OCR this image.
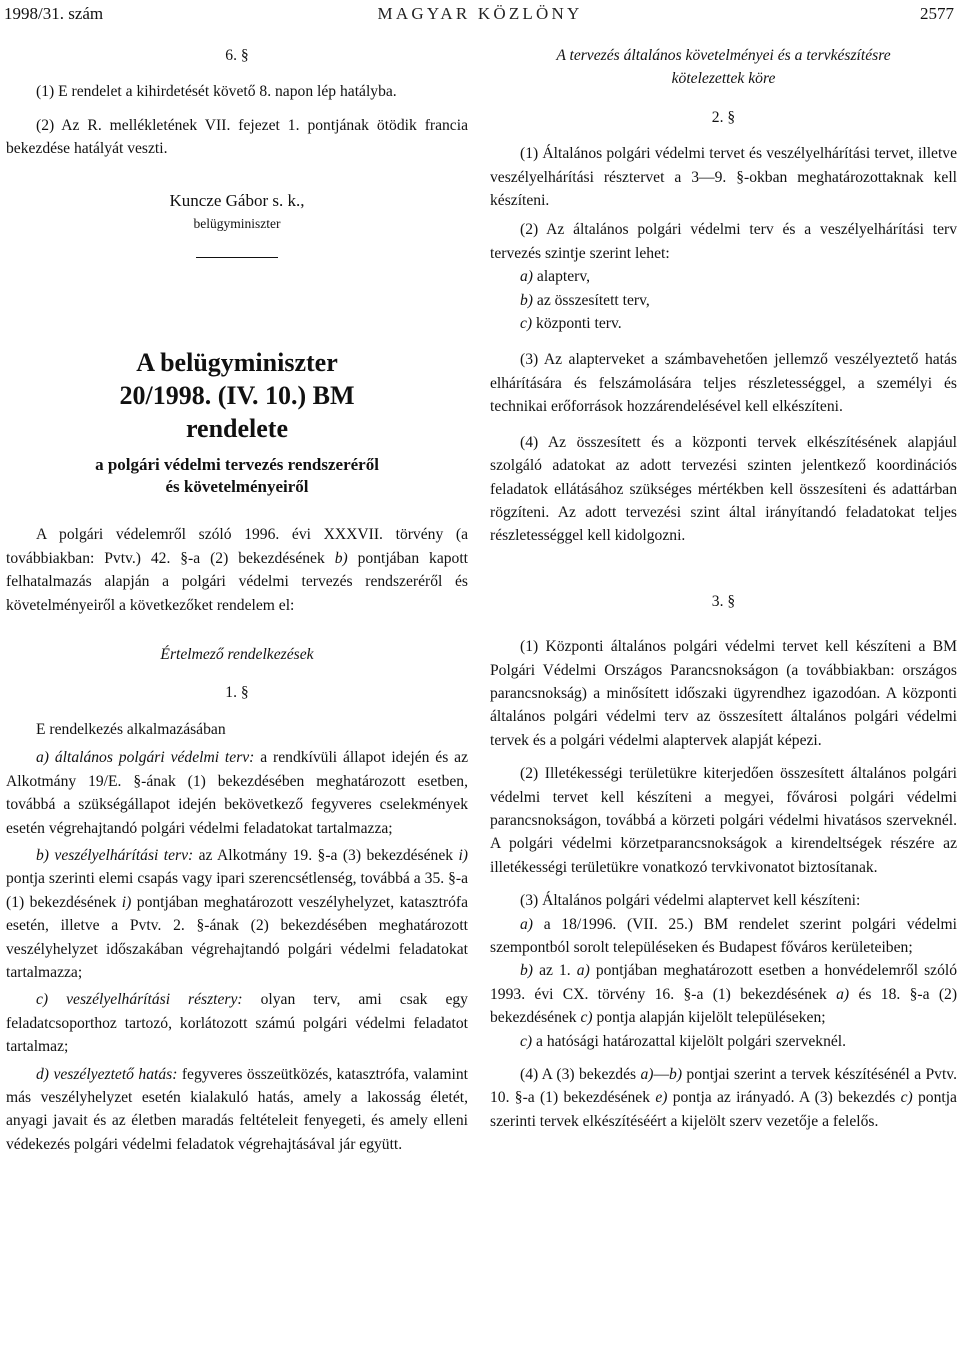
1998/31. szám	MAGYAR KÖZLÖNY	2577

6. §

(1) E rendelet a kihirdetését követő 8. napon lép hatályba.

(2) Az R. mellékletének VII. fejezet 1. pontjának ötödik francia bekezdése hatályát veszti.

Kuncze Gábor s. k.,

belügyminiszter

A belügyminiszter

20/1998. (IV. 10.) BM

rendelete

a polgári védelmi tervezés rendszeréről

és követelményeiről

A polgári védelemről szóló 1996. évi XXXVII. törvény (a továbbiakban: Pvtv.) 42. §-a (2) bekezdésének b) pontjában kapott felhatalmazás alapján a polgári védelmi tervezés rendszeréről és követelményeiről a következőket rendelem el:

Értelmező rendelkezések

1. §

E rendelkezés alkalmazásában

a) általános polgári védelmi terv: a rendkívüli állapot idején és az Alkotmány 19/E. §-ának (1) bekezdésében meghatározott esetben, továbbá a szükségállapot idején bekövetkező fegyveres cselekmények esetén végrehajtandó polgári védelmi feladatokat tartalmazza;

b) veszélyelhárítási terv: az Alkotmány 19. §-a (3) bekezdésének i) pontja szerinti elemi csapás vagy ipari szerencsétlenség, továbbá a 35. §-a (1) bekezdésének i) pontjában meghatározott veszélyhelyzet, katasztrófa esetén, illetve a Pvtv. 2. §-ának (2) bekezdésében meghatározott veszélyhelyzet időszakában végrehajtandó polgári védelmi feladatokat tartalmazza;

c) veszélyelhárítási résztery: olyan terv, ami csak egy feladatcsoporthoz tartozó, korlátozott számú polgári védelmi feladatot tartalmaz;

d) veszélyeztető hatás: fegyveres összeütközés, katasztrófa, valamint más veszélyhelyzet esetén kialakuló hatás, amely a lakosság életét, anyagi javait és az életben maradás feltételeit fenyegeti, és amely elleni védekezés polgári védelmi feladatok végrehajtásával jár együtt.

A tervezés általános követelményei és a tervkészítésre

kötelezettek köre

2. §

(1) Általános polgári védelmi tervet és veszélyelhárítási tervet, illetve veszélyelhárítási résztervet a 3—9. §-okban meghatározottaknak kell készíteni.

(2) Az általános polgári védelmi terv és a veszélyelhárítási terv tervezés szintje szerint lehet:

a) alapterv,

b) az összesített terv,

c) központi terv.

(3) Az alapterveket a számbavehetően jellemző veszélyeztető hatás elhárítására és felszámolására teljes részletességgel, a személyi és technikai erőforrások hozzárendelésével kell elkészíteni.

(4) Az összesített és a központi tervek elkészítésének alapjául szolgáló adatokat az adott tervezési szinten jelentkező koordinációs feladatok ellátásához szükséges mértékben kell összesíteni és adattárban rögzíteni. Az adott tervezési szint által irányítandó feladatokat teljes részletességgel kell kidolgozni.

3. §

(1) Központi általános polgári védelmi tervet kell készíteni a BM Polgári Védelmi Országos Parancsnokságon (a továbbiakban: országos parancsnokság) a minősített időszaki ügyrendhez igazodóan. A központi általános polgári védelmi terv az összesített általános polgári védelmi tervek és a polgári védelmi alaptervek alapját képezi.

(2) Illetékességi területükre kiterjedően összesített általános polgári védelmi tervet kell készíteni a megyei, fővárosi polgári védelmi parancsnokságon, továbbá a körzeti polgári védelmi hivatásos szerveknél. A polgári védelmi körzetparancsnokságok a kirendeltségek részére az illetékességi területükre vonatkozó tervkivonatot biztosítanak.

(3) Általános polgári védelmi alaptervet kell készíteni:

a) a 18/1996. (VII. 25.) BM rendelet szerint polgári védelmi szempontból sorolt településeken és Budapest főváros kerületeiben;

b) az 1. a) pontjában meghatározott esetben a honvédelemről szóló 1993. évi CX. törvény 16. §-a (1) bekezdésének a) és 18. §-a (2) bekezdésének c) pontja alapján kijelölt településeken;

c) a hatósági határozattal kijelölt polgári szerveknél.

(4) A (3) bekezdés a)—b) pontjai szerint a tervek készítésénél a Pvtv. 10. §-a (1) bekezdésének e) pontja az irányadó. A (3) bekezdés c) pontja szerinti tervek elkészítéséért a kijelölt szerv vezetője a felelős.
